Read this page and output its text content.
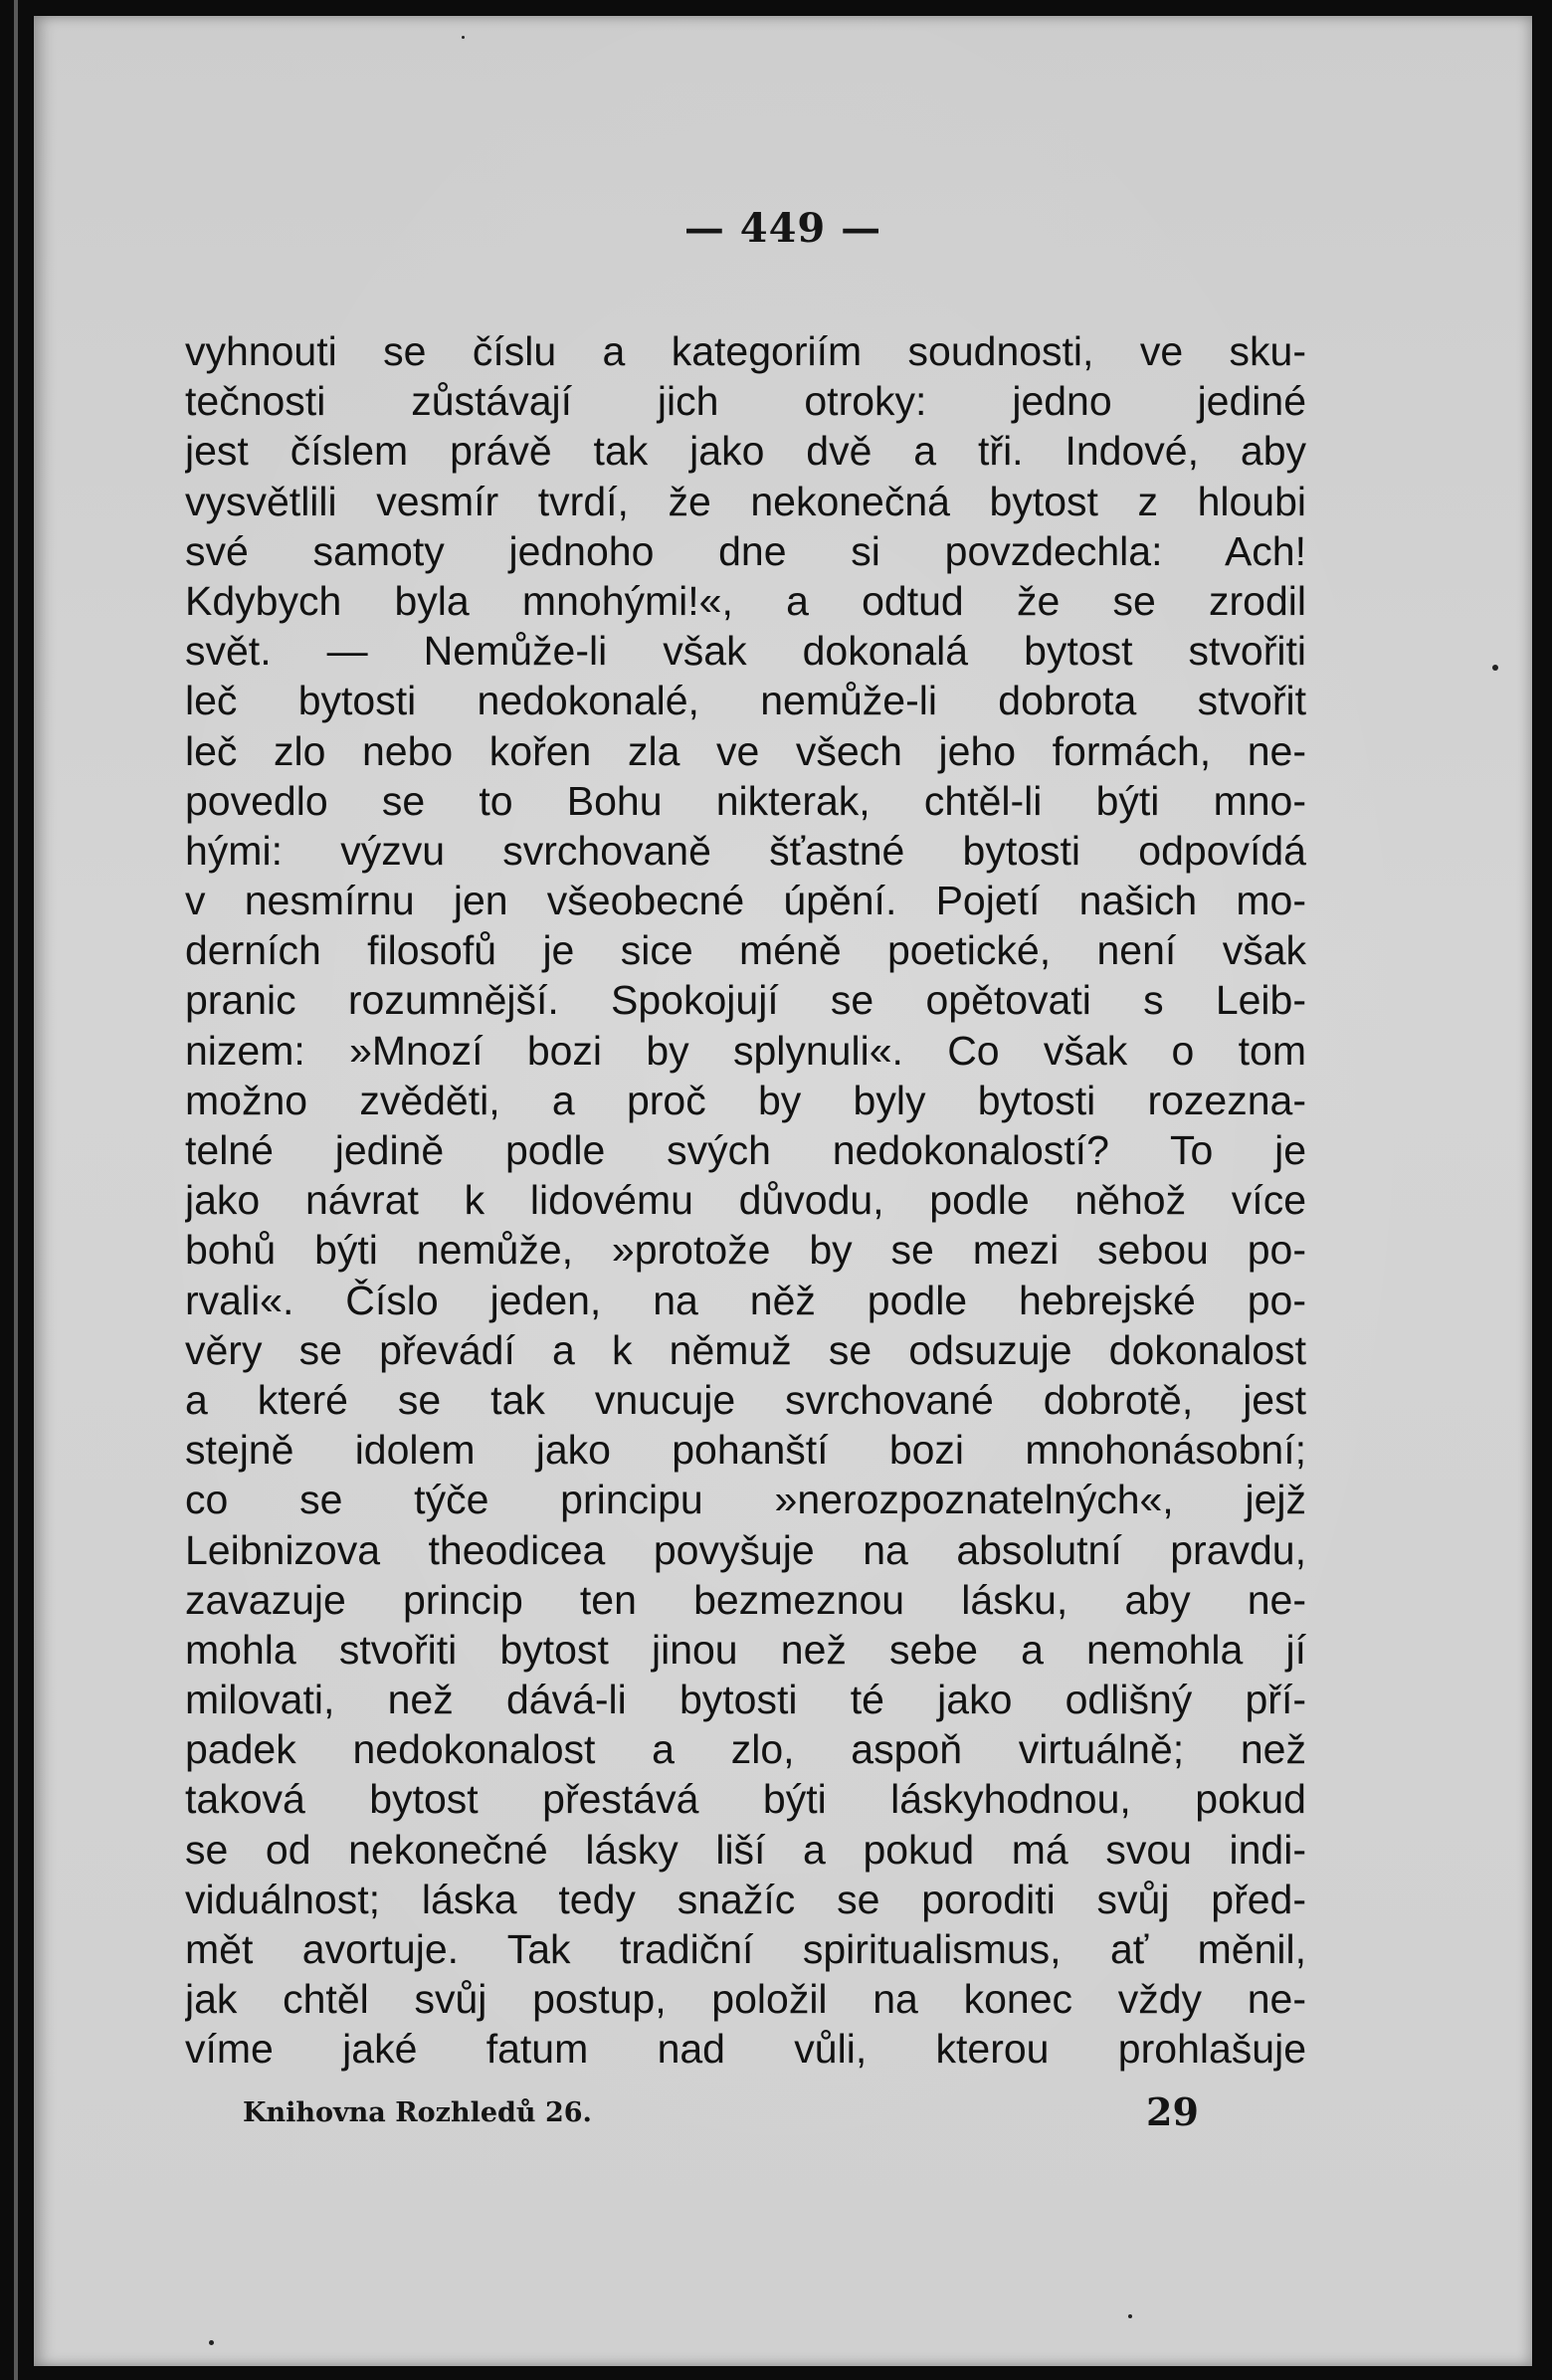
— 449 —
vyhnouti se číslu a kategoriím soudnosti, ve sku-
tečnosti zůstávají jich otroky: jedno jediné
jest číslem právě tak jako dvě a tři. Indové, aby
vysvětlili vesmír tvrdí, že nekonečná bytost z hloubi
své samoty jednoho dne si povzdechla: Ach!
Kdybych byla mnohými!«, a odtud že se zrodil
svět. — Nemůže-li však dokonalá bytost stvořiti
leč bytosti nedokonalé, nemůže-li dobrota stvořit
leč zlo nebo kořen zla ve všech jeho formách, ne-
povedlo se to Bohu nikterak, chtěl-li býti mno-
hými: výzvu svrchovaně šťastné bytosti odpovídá
v nesmírnu jen všeobecné úpění. Pojetí našich mo-
derních filosofů je sice méně poetické, není však
pranic rozumnější. Spokojují se opětovati s Leib-
nizem: »Mnozí bozi by splynuli«. Co však o tom
možno zvěděti, a proč by byly bytosti rozezna-
telné jedině podle svých nedokonalostí? To je
jako návrat k lidovému důvodu, podle něhož více
bohů býti nemůže, »protože by se mezi sebou po-
rvali«. Číslo jeden, na něž podle hebrejské po-
věry se převádí a k němuž se odsuzuje dokonalost
a které se tak vnucuje svrchované dobrotě, jest
stejně idolem jako pohanští bozi mnohonásobní;
co se týče principu »nerozpoznatelných«, jejž
Leibnizova theodicea povyšuje na absolutní pravdu,
zavazuje princip ten bezmeznou lásku, aby ne-
mohla stvořiti bytost jinou než sebe a nemohla jí
milovati, než dává-li bytosti té jako odlišný pří-
padek nedokonalost a zlo, aspoň virtuálně; než
taková bytost přestává býti láskyhodnou, pokud
se od nekonečné lásky liší a pokud má svou indi-
viduálnost; láska tedy snažíc se poroditi svůj před-
mět avortuje. Tak tradiční spiritualismus, ať měnil,
jak chtěl svůj postup, položil na konec vždy ne-
víme jaké fatum nad vůli, kterou prohlašuje
Knihovna Rozhledů 26.	29
